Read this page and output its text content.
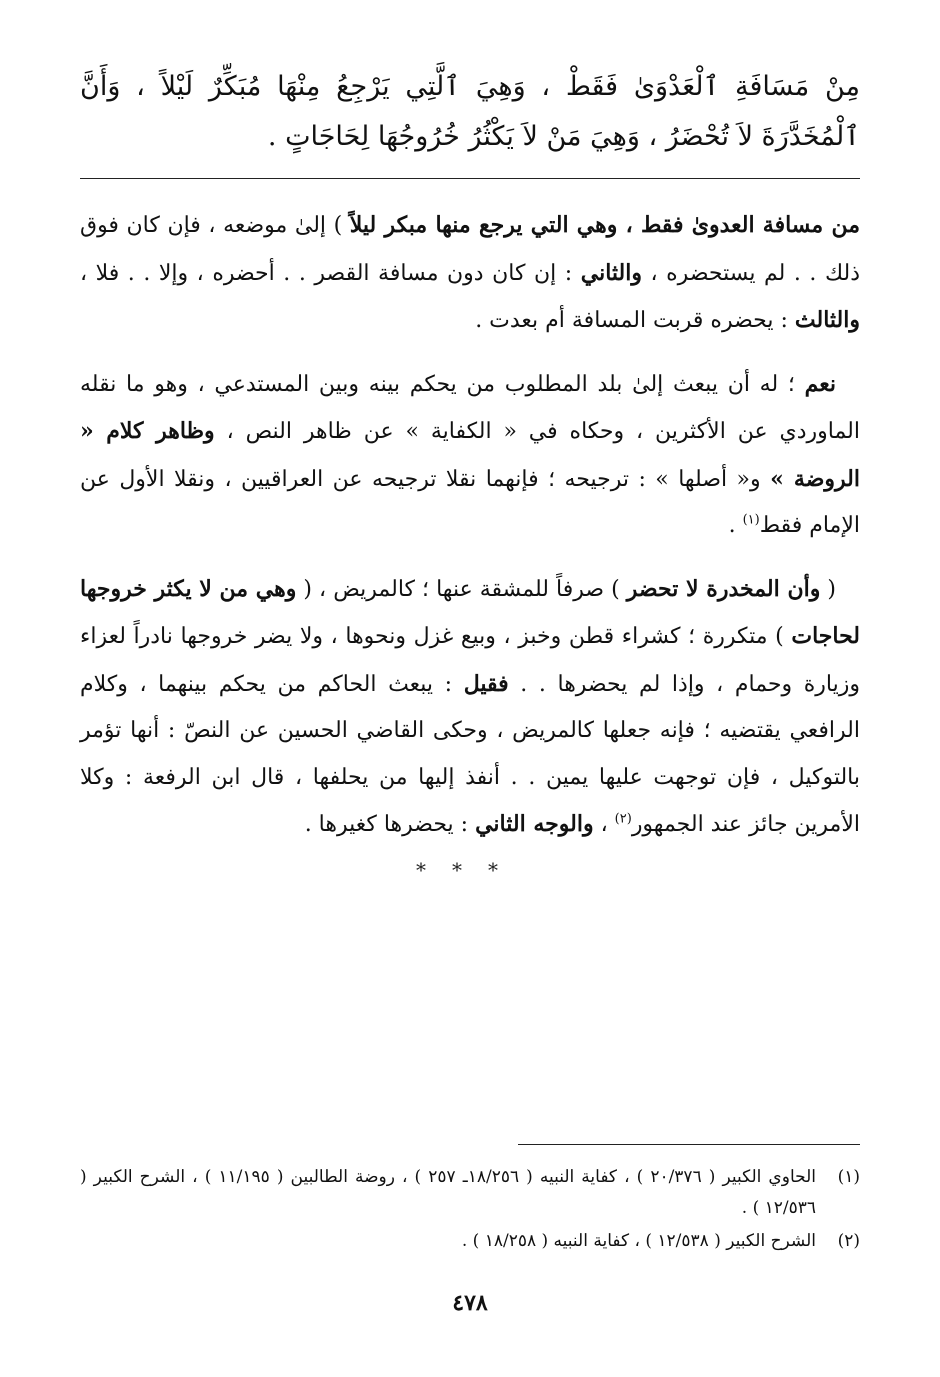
مِنْ مَسَافَةِ ٱلْعَدْوَىٰ فَقَطْ ، وَهِيَ ٱلَّتِي يَرْجِعُ مِنْهَا مُبَكِّرٌ لَيْلاً ، وَأَنَّ ٱلْمُخَدَّرَةَ لاَ تُحْضَرُ ، وَهِيَ مَنْ لاَ يَكْثُرُ خُرُوجُهَا لِحَاجَاتٍ .

من مسافة العدوىٰ فقط ، وهي التي يرجع منها مبكر ليلاً ) إلىٰ موضعه ، فإن كان فوق ذلك . . لم يستحضره ، والثاني : إن كان دون مسافة القصر . . أحضره ، وإلا . . فلا ، والثالث : يحضره قربت المسافة أم بعدت .

نعم ؛ له أن يبعث إلىٰ بلد المطلوب من يحكم بينه وبين المستدعي ، وهو ما نقله الماوردي عن الأكثرين ، وحكاه في « الكفاية » عن ظاهر النص ، وظاهر كلام « الروضة » و« أصلها » : ترجيحه ؛ فإنهما نقلا ترجيحه عن العراقيين ، ونقلا الأول عن الإمام فقط$^{(١)}$ .

( وأن المخدرة لا تحضر ) صرفاً للمشقة عنها ؛ كالمريض ، ( وهي من لا يكثر خروجها لحاجات ) متكررة ؛ كشراء قطن وخبز ، وبيع غزل ونحوها ، ولا يضر خروجها نادراً لعزاء وزيارة وحمام ، وإذا لم يحضرها . . فقيل : يبعث الحاكم من يحكم بينهما ، وكلام الرافعي يقتضيه ؛ فإنه جعلها كالمريض ، وحكى القاضي الحسين عن النصّ : أنها تؤمر بالتوكيل ، فإن توجهت عليها يمين . . أنفذ إليها من يحلفها ، قال ابن الرفعة : وكلا الأمرين جائز عند الجمهور$^{(٢)}$ ، والوجه الثاني : يحضرها كغيرها .

***
(١)
الحاوي الكبير ( ٢٠/٣٧٦ ) ، كفاية النبيه ( ١٨/٢٥٦ـ ٢٥٧ ) ، روضة الطالبين ( ١١/١٩٥ ) ، الشرح الكبير ( ١٢/٥٣٦ ) .
(٢)
الشرح الكبير ( ١٢/٥٣٨ ) ، كفاية النبيه ( ١٨/٢٥٨ ) .
٤٧٨
